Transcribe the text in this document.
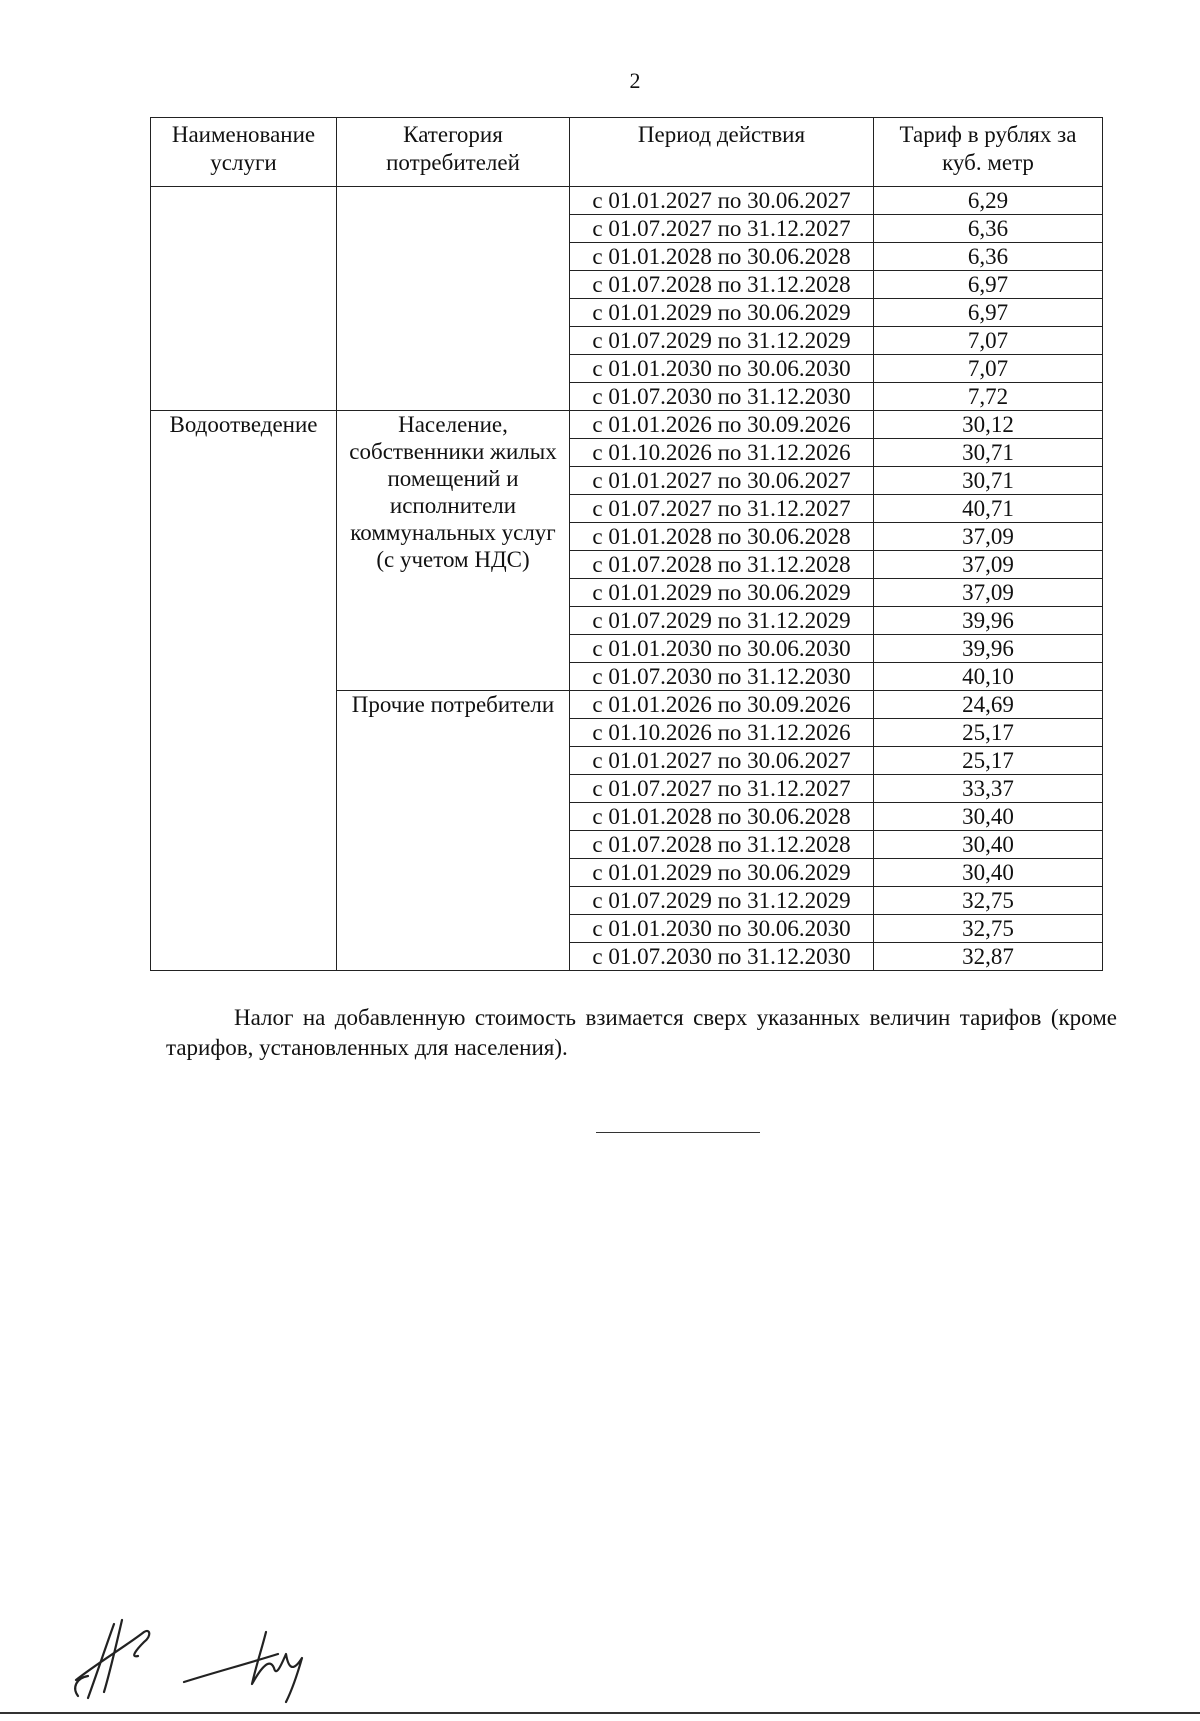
2
Наименование услуги	Категория потребителей	Период действия	Тариф в рублях за куб. метр
		с 01.01.2027 по 30.06.2027	6,29
		с 01.07.2027 по 31.12.2027	6,36
		с 01.01.2028 по 30.06.2028	6,36
		с 01.07.2028 по 31.12.2028	6,97
		с 01.01.2029 по 30.06.2029	6,97
		с 01.07.2029 по 31.12.2029	7,07
		с 01.01.2030 по 30.06.2030	7,07
		с 01.07.2030 по 31.12.2030	7,72
Водоотведение	Население, собственники жилых помещений и исполнители коммунальных услуг (с учетом НДС)	с 01.01.2026 по 30.09.2026	30,12
		с 01.10.2026 по 31.12.2026	30,71
		с 01.01.2027 по 30.06.2027	30,71
		с 01.07.2027 по 31.12.2027	40,71
		с 01.01.2028 по 30.06.2028	37,09
		с 01.07.2028 по 31.12.2028	37,09
		с 01.01.2029 по 30.06.2029	37,09
		с 01.07.2029 по 31.12.2029	39,96
		с 01.01.2030 по 30.06.2030	39,96
		с 01.07.2030 по 31.12.2030	40,10
	Прочие потребители	с 01.01.2026 по 30.09.2026	24,69
		с 01.10.2026 по 31.12.2026	25,17
		с 01.01.2027 по 30.06.2027	25,17
		с 01.07.2027 по 31.12.2027	33,37
		с 01.01.2028 по 30.06.2028	30,40
		с 01.07.2028 по 31.12.2028	30,40
		с 01.01.2029 по 30.06.2029	30,40
		с 01.07.2029 по 31.12.2029	32,75
		с 01.01.2030 по 30.06.2030	32,75
		с 01.07.2030 по 31.12.2030	32,87

Налог на добавленную стоимость взимается сверх указанных величин тарифов (кроме тарифов, установленных для населения).
